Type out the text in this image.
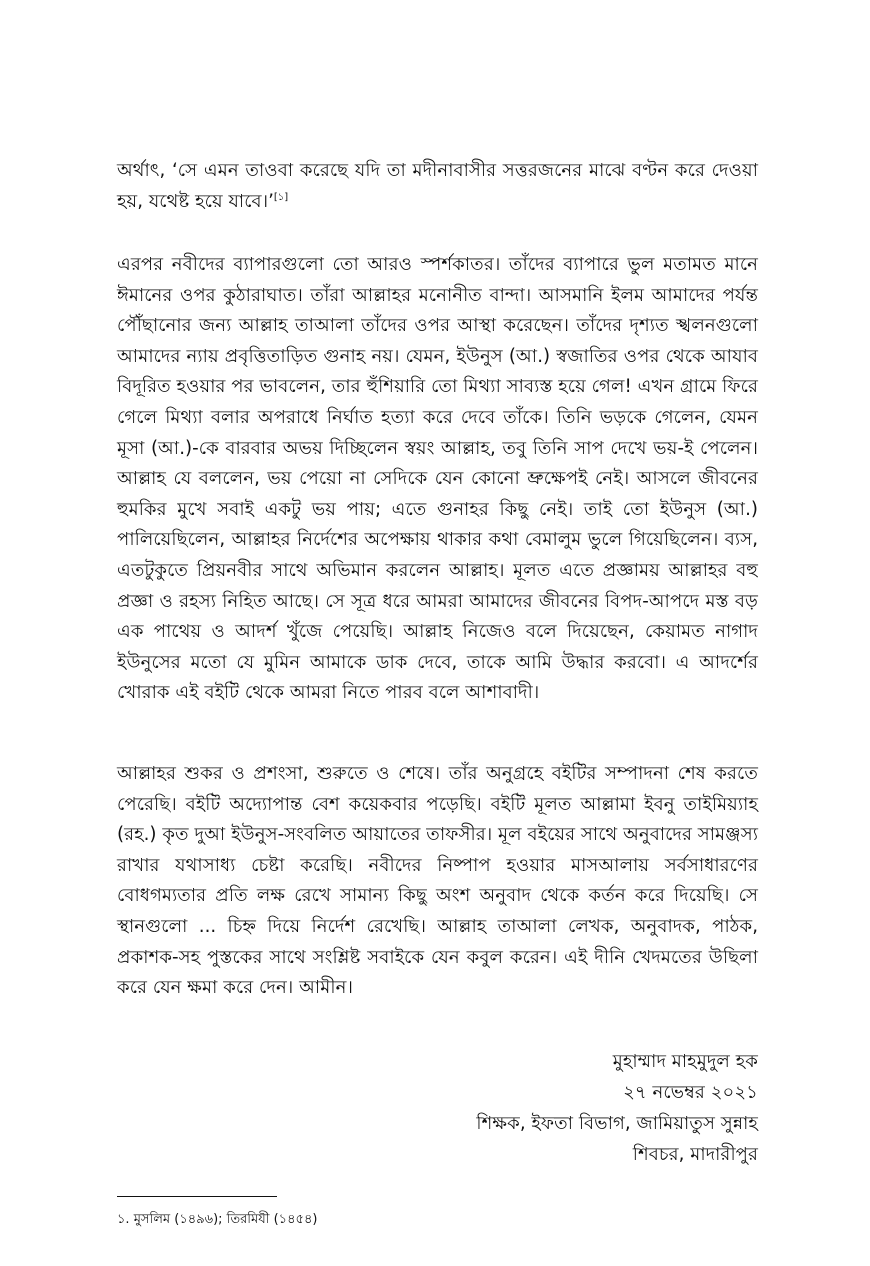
অর্থাৎ, ‘সে এমন তাওবা করেছে যদি তা মদীনাবাসীর সত্তরজনের মাঝে বণ্টন করে দেওয়া হয়, যথেষ্ট হয়ে যাবে।’[১]

এরপর নবীদের ব্যাপারগুলো তো আরও স্পর্শকাতর। তাঁদের ব্যাপারে ভুল মতামত মানে ঈমানের ওপর কুঠারাঘাত। তাঁরা আল্লাহর মনোনীত বান্দা। আসমানি ইলম আমাদের পর্যন্ত পৌঁছানোর জন্য আল্লাহ তাআলা তাঁদের ওপর আস্থা করেছেন। তাঁদের দৃশ্যত স্খলনগুলো আমাদের ন্যায় প্রবৃত্তিতাড়িত গুনাহ নয়। যেমন, ইউনুস (আ.) স্বজাতির ওপর থেকে আযাব বিদূরিত হওয়ার পর ভাবলেন, তার হুঁশিয়ারি তো মিথ্যা সাব্যস্ত হয়ে গেল! এখন গ্রামে ফিরে গেলে মিথ্যা বলার অপরাধে নির্ঘাত হত্যা করে দেবে তাঁকে। তিনি ভড়কে গেলেন, যেমন মূসা (আ.)-কে বারবার অভয় দিচ্ছিলেন স্বয়ং আল্লাহ, তবু তিনি সাপ দেখে ভয়-ই পেলেন। আল্লাহ যে বললেন, ভয় পেয়ো না সেদিকে যেন কোনো ভ্রুক্ষেপই নেই। আসলে জীবনের হুমকির মুখে সবাই একটু ভয় পায়; এতে গুনাহর কিছু নেই। তাই তো ইউনুস (আ.) পালিয়েছিলেন, আল্লাহর নির্দেশের অপেক্ষায় থাকার কথা বেমালুম ভুলে গিয়েছিলেন। ব্যস, এতটুকুতে প্রিয়নবীর সাথে অভিমান করলেন আল্লাহ। মূলত এতে প্রজ্ঞাময় আল্লাহর বহু প্রজ্ঞা ও রহস্য নিহিত আছে। সে সূত্র ধরে আমরা আমাদের জীবনের বিপদ-আপদে মস্ত বড় এক পাথেয় ও আদর্শ খুঁজে পেয়েছি। আল্লাহ নিজেও বলে দিয়েছেন, কেয়ামত নাগাদ ইউনুসের মতো যে মুমিন আমাকে ডাক দেবে, তাকে আমি উদ্ধার করবো। এ আদর্শের খোরাক এই বইটি থেকে আমরা নিতে পারব বলে আশাবাদী।

আল্লাহর শুকর ও প্রশংসা, শুরুতে ও শেষে। তাঁর অনুগ্রহে বইটির সম্পাদনা শেষ করতে পেরেছি। বইটি অদ্যোপান্ত বেশ কয়েকবার পড়েছি। বইটি মূলত আল্লামা ইবনু তাইমিয়্যাহ (রহ.) কৃত দুআ ইউনুস-সংবলিত আয়াতের তাফসীর। মূল বইয়ের সাথে অনুবাদের সামঞ্জস্য রাখার যথাসাধ্য চেষ্টা করেছি। নবীদের নিষ্পাপ হওয়ার মাসআলায় সর্বসাধারণের বোধগম্যতার প্রতি লক্ষ রেখে সামান্য কিছু অংশ অনুবাদ থেকে কর্তন করে দিয়েছি। সে স্থানগুলো ... চিহ্ন দিয়ে নির্দেশ রেখেছি। আল্লাহ তাআলা লেখক, অনুবাদক, পাঠক, প্রকাশক-সহ পুস্তকের সাথে সংশ্লিষ্ট সবাইকে যেন কবুল করেন। এই দীনি খেদমতের উছিলা করে যেন ক্ষমা করে দেন। আমীন।

মুহাম্মাদ মাহমুদুল হক
২৭ নভেম্বর ২০২১
শিক্ষক, ইফতা বিভাগ, জামিয়াতুস সুন্নাহ
শিবচর, মাদারীপুর
১. মুসলিম (১৪৯৬); তিরমিযী (১৪৫৪)
